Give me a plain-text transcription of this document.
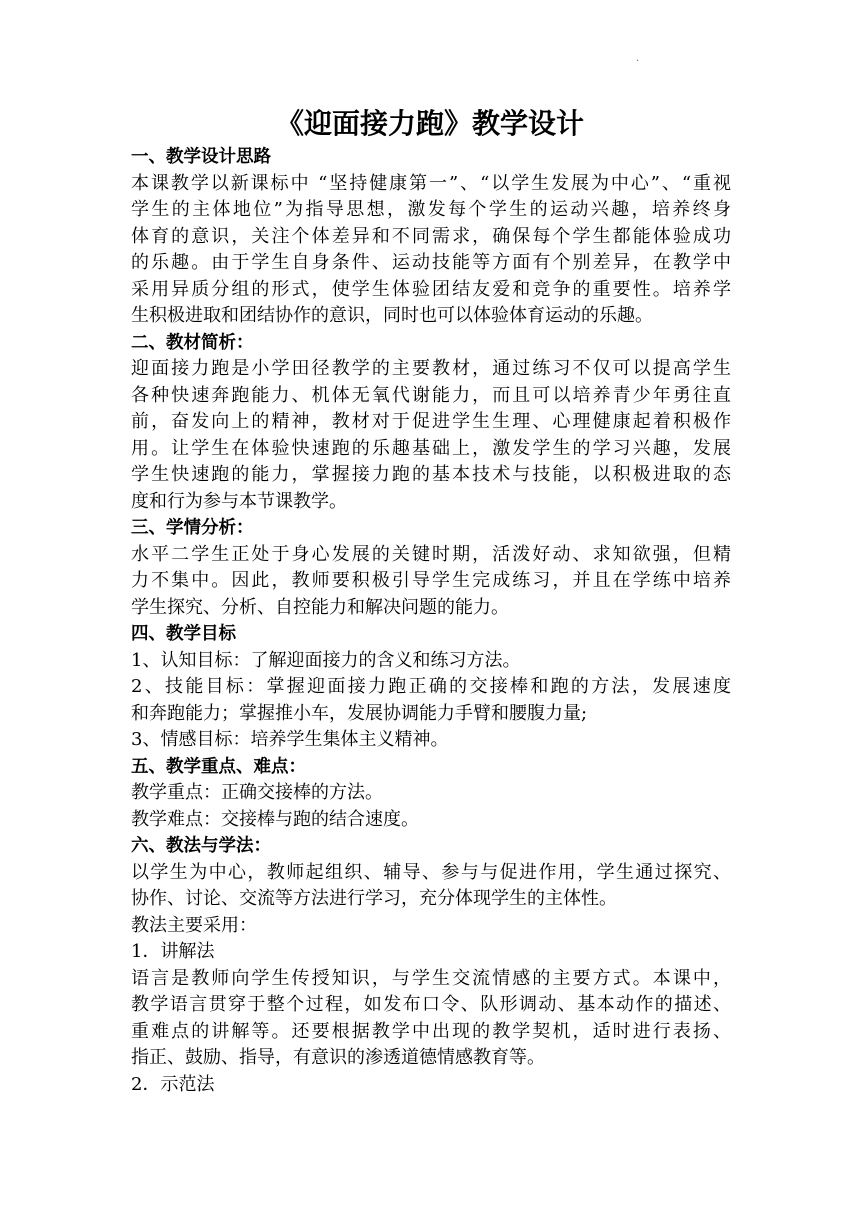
.
《迎面接力跑》教学设计
一、教学设计思路
本课教学以新课标中 “坚持健康第一”、“以学生发展为中心”、“重视
学生的主体地位”为指导思想，激发每个学生的运动兴趣，培养终身
体育的意识，关注个体差异和不同需求，确保每个学生都能体验成功
的乐趣。由于学生自身条件、运动技能等方面有个别差异，在教学中
采用异质分组的形式，使学生体验团结友爱和竞争的重要性。培养学
生积极进取和团结协作的意识，同时也可以体验体育运动的乐趣。
二、教材简析：
迎面接力跑是小学田径教学的主要教材，通过练习不仅可以提高学生
各种快速奔跑能力、机体无氧代谢能力，而且可以培养青少年勇往直
前，奋发向上的精神，教材对于促进学生生理、心理健康起着积极作
用。让学生在体验快速跑的乐趣基础上，激发学生的学习兴趣，发展
学生快速跑的能力，掌握接力跑的基本技术与技能，以积极进取的态
度和行为参与本节课教学。
三、学情分析：
水平二学生正处于身心发展的关键时期，活泼好动、求知欲强，但精
力不集中。因此，教师要积极引导学生完成练习，并且在学练中培养
学生探究、分析、自控能力和解决问题的能力。
四、教学目标
1、认知目标：了解迎面接力的含义和练习方法。
2、技能目标：掌握迎面接力跑正确的交接棒和跑的方法，发展速度
和奔跑能力；掌握推小车，发展协调能力手臂和腰腹力量;
3、情感目标：培养学生集体主义精神。
五、教学重点、难点：
教学重点：正确交接棒的方法。
教学难点：交接棒与跑的结合速度。
六、教法与学法：
以学生为中心，教师起组织、辅导、参与与促进作用，学生通过探究、
协作、讨论、交流等方法进行学习，充分体现学生的主体性。
教法主要采用：
1．讲解法
语言是教师向学生传授知识，与学生交流情感的主要方式。本课中，
教学语言贯穿于整个过程，如发布口令、队形调动、基本动作的描述、
重难点的讲解等。还要根据教学中出现的教学契机，适时进行表扬、
指正、鼓励、指导，有意识的渗透道德情感教育等。
2．示范法
